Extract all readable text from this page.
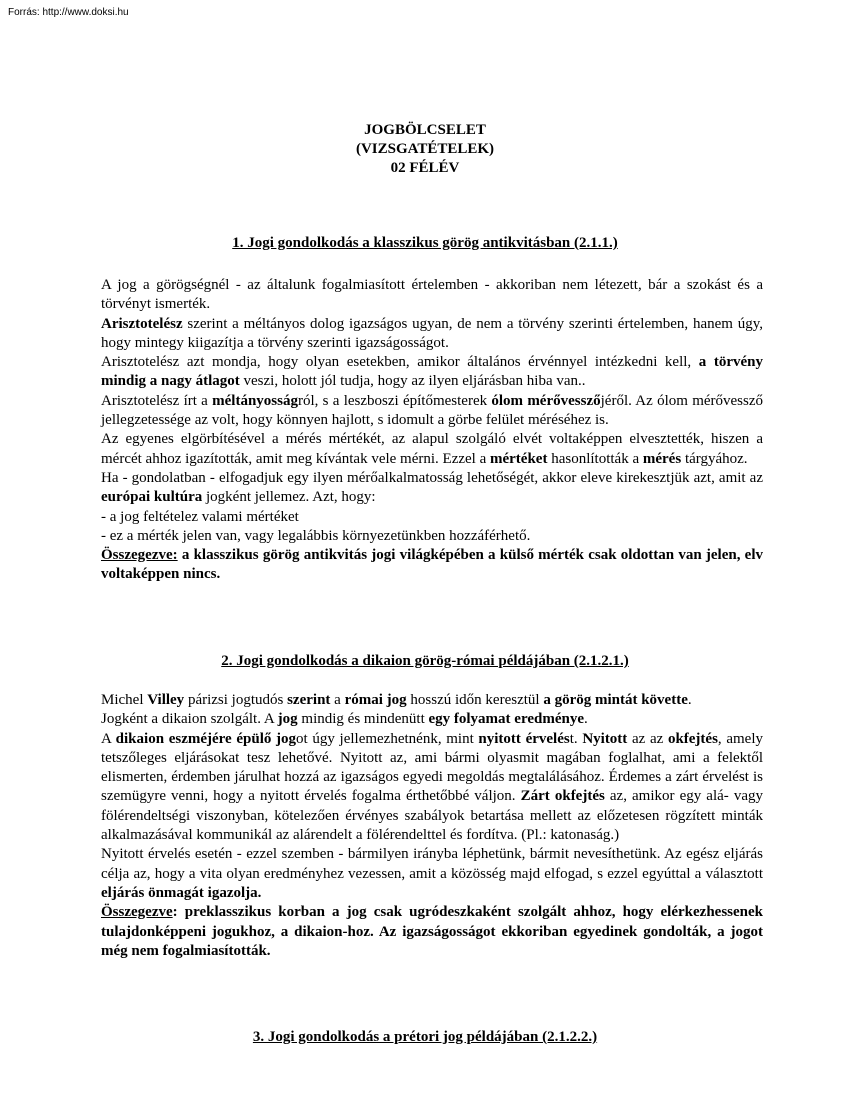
Forrás: http://www.doksi.hu
JOGBÖLCSELET
(VIZSGATÉTELEK)
02 FÉLÉV
1. Jogi gondolkodás a klasszikus görög antikvitásban (2.1.1.)

A jog a görögségnél - az általunk fogalmiasított értelemben - akkoriban nem létezett, bár a szokást és a törvényt ismerték.

Arisztotelész szerint a méltányos dolog igazságos ugyan, de nem a törvény szerinti értelemben, hanem úgy, hogy mintegy kiigazítja a törvény szerinti igazságosságot.

Arisztotelész azt mondja, hogy olyan esetekben, amikor általános érvénnyel intézkedni kell, a törvény mindig a nagy átlagot veszi, holott jól tudja, hogy az ilyen eljárásban hiba van..

Arisztotelész írt a méltányosságról, s a leszboszi építőmesterek ólom mérővesszőjéről. Az ólom mérővessző jellegzetessége az volt, hogy könnyen hajlott, s idomult a görbe felület méréséhez is.

Az egyenes elgörbítésével a mérés mértékét, az alapul szolgáló elvét voltaképpen elvesztették, hiszen a mércét ahhoz igazították, amit meg kívántak vele mérni. Ezzel a mértéket hasonlították a mérés tárgyához.

Ha - gondolatban - elfogadjuk egy ilyen mérőalkalmatosság lehetőségét, akkor eleve kirekesztjük azt, amit az európai kultúra jogként jellemez. Azt, hogy:

- a jog feltételez valami mértéket

- ez a mérték jelen van, vagy legalábbis környezetünkben hozzáférhető.

Összegezve: a klasszikus görög antikvitás jogi világképében a külső mérték csak oldottan van jelen, elv voltaképpen nincs.

2. Jogi gondolkodás a dikaion görög-római példájában (2.1.2.1.)

Michel Villey párizsi jogtudós szerint a római jog hosszú időn keresztül a görög mintát követte.

Jogként a dikaion szolgált. A jog mindig és mindenütt egy folyamat eredménye.

A dikaion eszméjére épülő jogot úgy jellemezhetnénk, mint nyitott érvelést. Nyitott az az okfejtés, amely tetszőleges eljárásokat tesz lehetővé. Nyitott az, ami bármi olyasmit magában foglalhat, ami a felektől elismerten, érdemben járulhat hozzá az igazságos egyedi megoldás megtalálásához. Érdemes a zárt érvelést is szemügyre venni, hogy a nyitott érvelés fogalma érthetőbbé váljon. Zárt okfejtés az, amikor egy alá- vagy fölérendeltségi viszonyban, kötelezően érvényes szabályok betartása mellett az előzetesen rögzített minták alkalmazásával kommunikál az alárendelt a fölérendelttel és fordítva. (Pl.: katonaság.)

Nyitott érvelés esetén - ezzel szemben - bármilyen irányba léphetünk, bármit nevesíthetünk. Az egész eljárás célja az, hogy a vita olyan eredményhez vezessen, amit a közösség majd elfogad, s ezzel egyúttal a választott eljárás önmagát igazolja.

Összegezve: preklasszikus korban a jog csak ugródeszkaként szolgált ahhoz, hogy elérkezhessenek tulajdonképpeni jogukhoz, a dikaion-hoz. Az igazságosságot ekkoriban egyedinek gondolták, a jogot még nem fogalmiasították.

3. Jogi gondolkodás a prétori jog példájában (2.1.2.2.)
